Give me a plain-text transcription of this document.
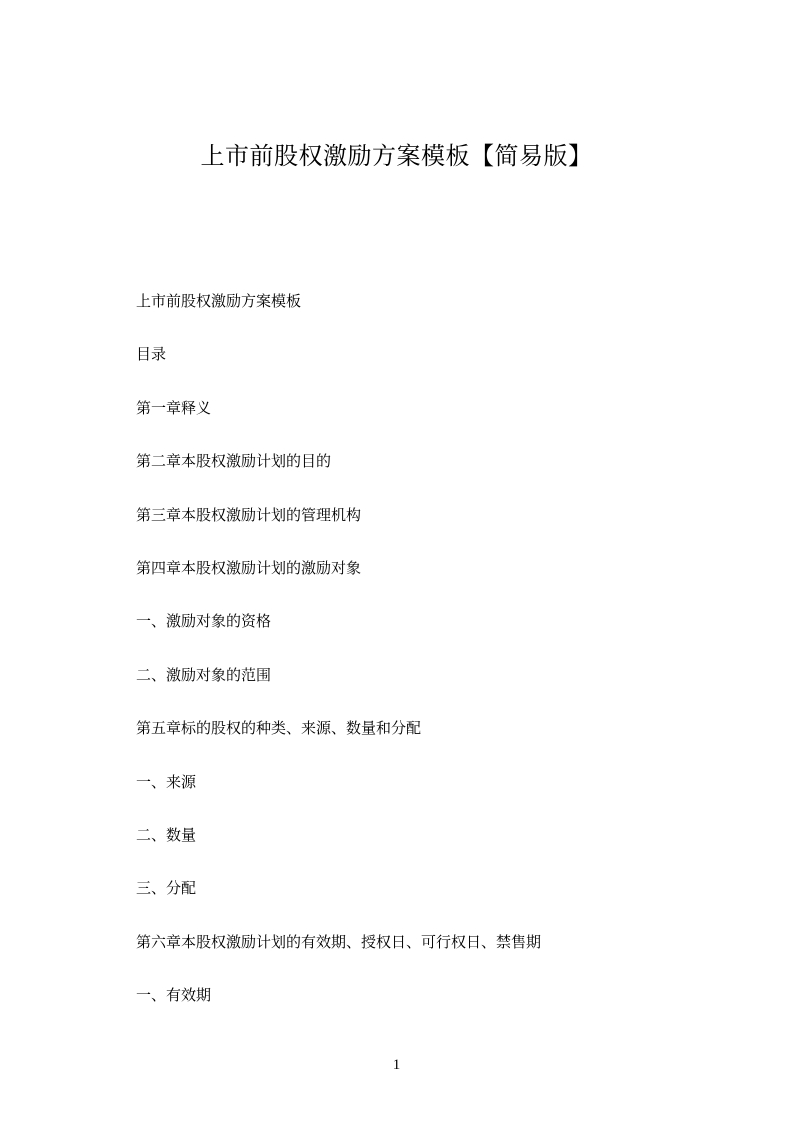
上市前股权激励方案模板【简易版】
上市前股权激励方案模板
目录
第一章释义
第二章本股权激励计划的目的
第三章本股权激励计划的管理机构
第四章本股权激励计划的激励对象
一、激励对象的资格
二、激励对象的范围
第五章标的股权的种类、来源、数量和分配
一、来源
二、数量
三、分配
第六章本股权激励计划的有效期、授权日、可行权日、禁售期
一、有效期
1
